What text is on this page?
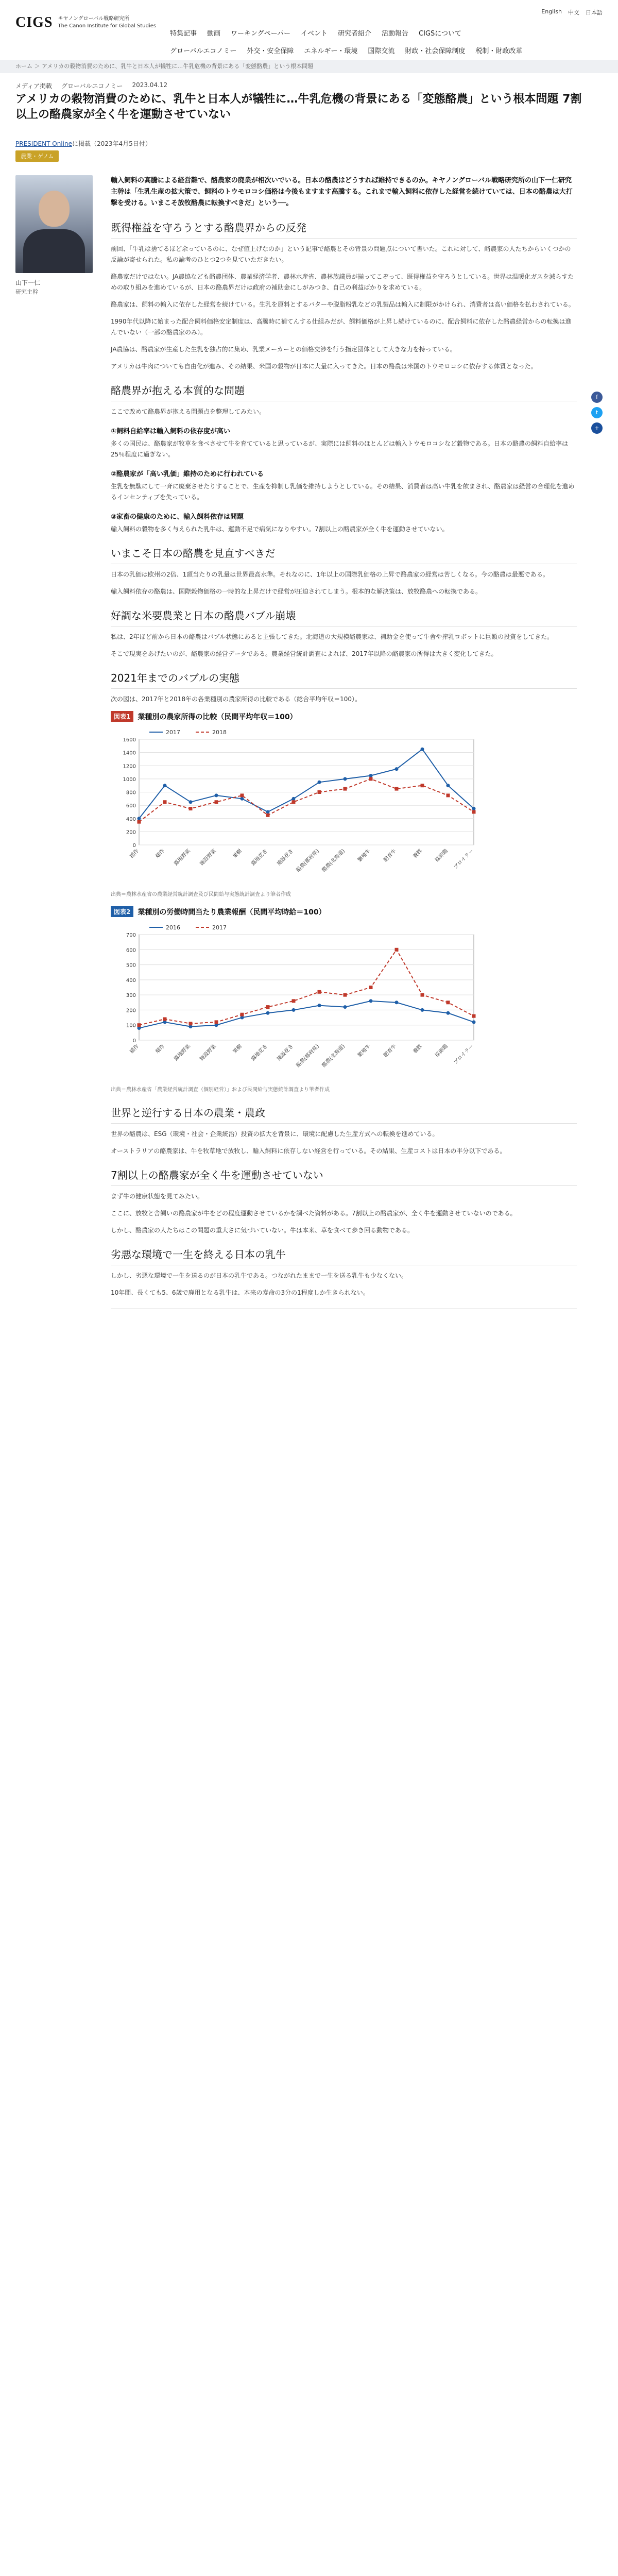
CIGS キヤノングローバル戦略研究所
The Canon Institute for Global Studies
English 中文 日本語
特集記事 動画 ワーキングペーパー イベント 研究者紹介 活動報告 CIGSについて
グローバルエコノミー 外交・安全保障 エネルギー・環境 国際交流 財政・社会保障制度 税制・財政改革
ホーム ＞ アメリカの穀物消費のために、乳牛と日本人が犠牲に…牛乳危機の背景にある「変態酪農」という根本問題
メディア掲載 グローバルエコノミー 2023.04.12
アメリカの穀物消費のために、乳牛と日本人が犠牲に…牛乳危機の背景にある「変態酪農」という根本問題 7割以上の酪農家が全く牛を運動させていない
PRESIDENT Onlineに掲載（2023年4月5日付）
農業・ゲノム
山下一仁
研究主幹
f
t
+

輸入飼料の高騰による経営難で、酪農家の廃業が相次いでいる。日本の酪農はどうすれば維持できるのか。キヤノングローバル戦略研究所の山下一仁研究主幹は「生乳生産の拡大策で、飼料のトウモロコシ価格は今後もますます高騰する。これまで輸入飼料に依存した経営を続けていては、日本の酪農は大打撃を受ける。いまこそ放牧酪農に転換すべきだ」という──。

既得権益を守ろうとする酪農界からの反発

前回、「牛乳は捨てるほど余っているのに、なぜ値上げなのか」という記事で酪農とその背景の問題点について書いた。これに対して、酪農家の人たちからいくつかの反論が寄せられた。私の論考のひとつ2つを見ていただきたい。

酪農家だけではない。JA農協なども酪農団体、農業経済学者、農林水産省、農林族議員が揃ってこぞって、既得権益を守ろうとしている。世界は温暖化ガスを減らすための取り組みを進めているが、日本の酪農界だけは政府の補助金にしがみつき、自己の利益ばかりを求めている。

酪農家は、飼料の輸入に依存した経営を続けている。生乳を原料とするバターや脱脂粉乳などの乳製品は輸入に制限がかけられ、消費者は高い価格を払わされている。

1990年代以降に始まった配合飼料価格安定制度は、高騰時に補てんする仕組みだが、飼料価格が上昇し続けているのに、配合飼料に依存した酪農経営からの転換は進んでいない（一部の酪農家のみ）。

JA農協は、酪農家が生産した生乳を独占的に集め、乳業メーカーとの価格交渉を行う指定団体として大きな力を持っている。

アメリカは牛肉についても自由化が進み、その結果、米国の穀物が日本に大量に入ってきた。日本の酪農は米国のトウモロコシに依存する体質となった。

酪農界が抱える本質的な問題

ここで改めて酪農界が抱える問題点を整理してみたい。

①飼料自給率は輸入飼料の依存度が高い

多くの国民は、酪農家が牧草を食べさせて牛を育てていると思っているが、実際には飼料のほとんどは輸入トウモロコシなど穀物である。日本の酪農の飼料自給率は25％程度に過ぎない。

②酪農家が「高い乳価」維持のために行われている

生乳を無駄にして一斉に廃棄させたりすることで、生産を抑制し乳価を維持しようとしている。その結果、消費者は高い牛乳を飲まされ、酪農家は経営の合理化を進めるインセンティブを失っている。

③家畜の健康のために、輸入飼料依存は問題

輸入飼料の穀物を多く与えられた乳牛は、運動不足で病気になりやすい。7割以上の酪農家が全く牛を運動させていない。

いまこそ日本の酪農を見直すべきだ

日本の乳価は欧州の2倍、1頭当たりの乳量は世界最高水準。それなのに、1年以上の国際乳価格の上昇で酪農家の経営は苦しくなる。今の酪農は最悪である。

輸入飼料依存の酪農は、国際穀物価格の一時的な上昇だけで経営が圧迫されてしまう。根本的な解決策は、放牧酪農への転換である。

好調な米要農業と日本の酪農バブル崩壊

私は、2年ほど前から日本の酪農はバブル状態にあると主張してきた。北海道の大規模酪農家は、補助金を使って牛舎や搾乳ロボットに巨額の投資をしてきた。

そこで現実をあげたいのが、酪農家の経営データである。農業経営統計調査によれば、2017年以降の酪農家の所得は大きく変化してきた。

2021年までのバブルの実態

次の図は、2017年と2018年の各業種別の農家所得の比較である（総合平均年収＝100）。

図表1	業種別の農家所得の比較（民間平均年収＝100）
0
200
400
600
800
1000
1200
1400
1600
稲作	畑作 露地野菜 施設野菜	果樹 露地花き 施設花き 酪農(都府県) 酪農(北海道) 繁殖牛 肥育牛	養豚 採卵鶏 ブロイラー
2017	2018

出典＝農林水産省の農業経営統計調査及び民間給与実態統計調査より筆者作成

図表2	業種別の労働時間当たり農業報酬（民間平均時給＝100）
0
100
200
300
400
500
600
700
稲作	畑作 露地野菜 施設野菜	果樹 露地花き 施設花き 酪農(都府県) 酪農(北海道) 繁殖牛 肥育牛	養豚 採卵鶏 ブロイラー
2016	2017

出典＝農林水産省「農業経営統計調査（個別経営）」および民間給与実態統計調査より筆者作成

世界と逆行する日本の農業・農政

世界の酪農は、ESG（環境・社会・企業統治）投資の拡大を背景に、環境に配慮した生産方式への転換を進めている。

オーストラリアの酪農家は、牛を牧草地で放牧し、輸入飼料に依存しない経営を行っている。その結果、生産コストは日本の半分以下である。

7割以上の酪農家が全く牛を運動させていない

まず牛の健康状態を見てみたい。

ここに、放牧と舎飼いの酪農家が牛をどの程度運動させているかを調べた資料がある。7割以上の酪農家が、全く牛を運動させていないのである。

しかし、酪農家の人たちはこの問題の重大さに気づいていない。牛は本来、草を食べて歩き回る動物である。

劣悪な環境で一生を終える日本の乳牛

しかし、劣悪な環境で一生を送るのが日本の乳牛である。つながれたままで一生を送る乳牛も少なくない。

10年間、長くても5、6歳で廃用となる乳牛は、本来の寿命の3分の1程度しか生きられない。
